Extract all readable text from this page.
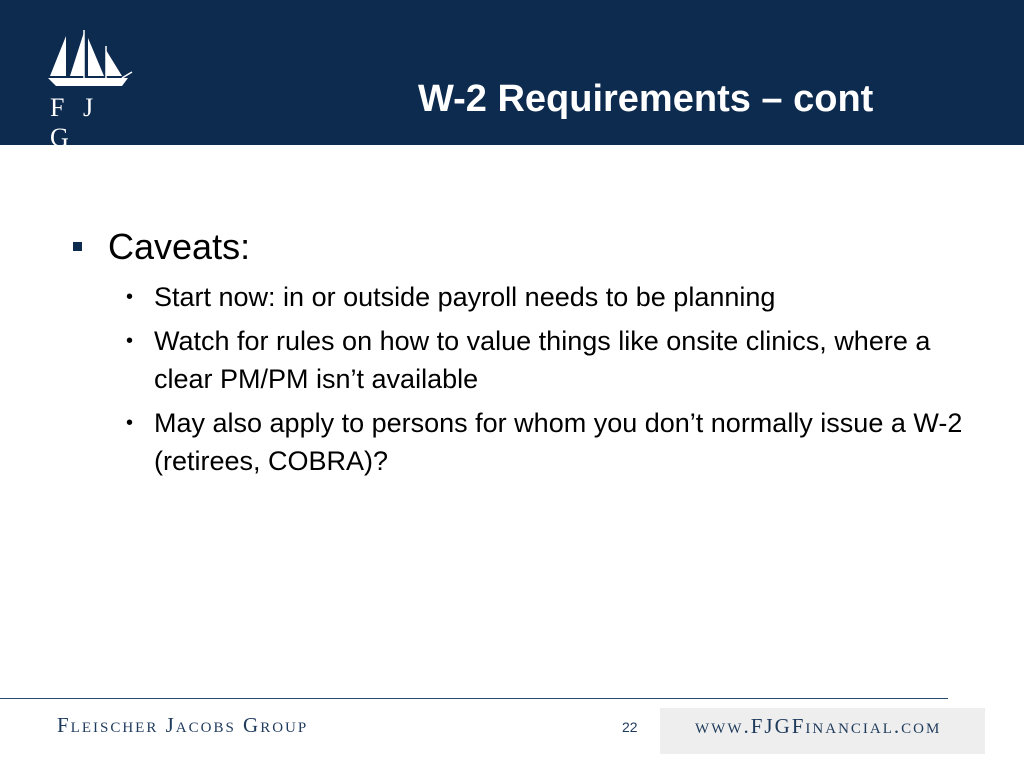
F J G
W-2 Requirements – cont
Caveats:
• Start now: in or outside payroll needs to be planning
• Watch for rules on how to value things like onsite clinics, where a clear PM/PM isn’t available
• May also apply to persons for whom you don’t normally issue a W-2 (retirees, COBRA)?
Fleischer Jacobs Group	22	www.FJGFinancial.com
